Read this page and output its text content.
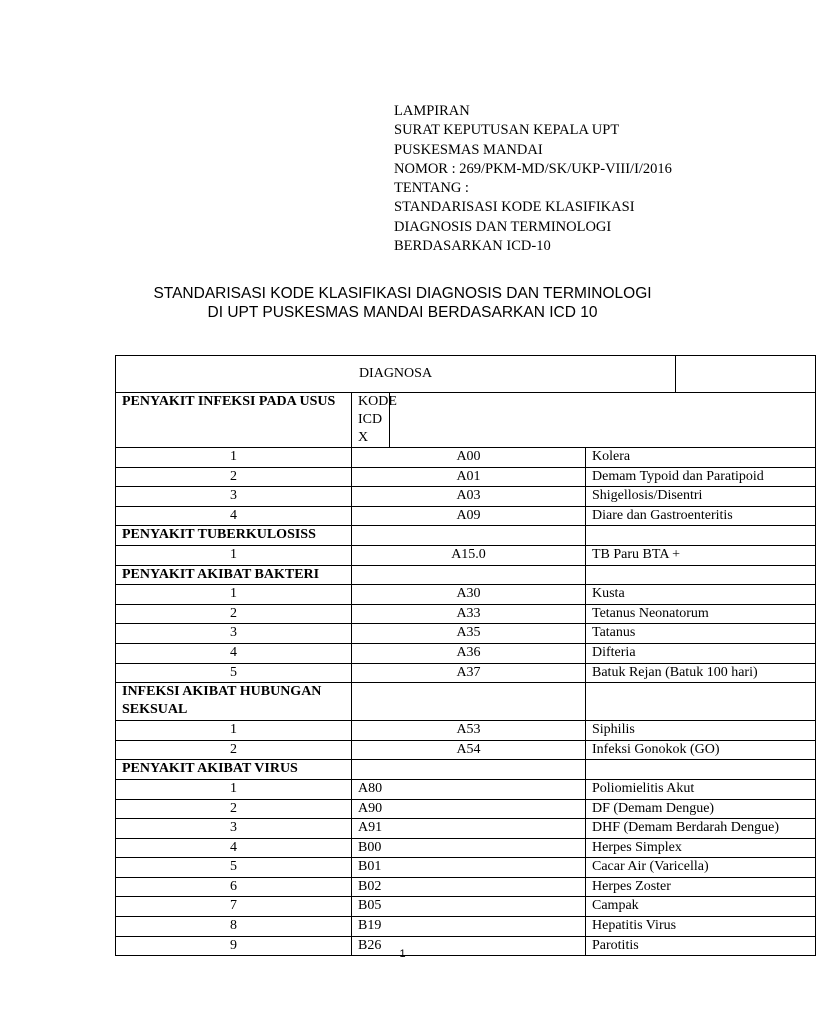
LAMPIRAN
SURAT KEPUTUSAN KEPALA UPT
PUSKESMAS MANDAI
NOMOR : 269/PKM-MD/SK/UKP-VIII/I/2016
TENTANG :
STANDARISASI KODE KLASIFIKASI
DIAGNOSIS DAN TERMINOLOGI
BERDASARKAN ICD-10
STANDARISASI KODE KLASIFIKASI DIAGNOSIS DAN TERMINOLOGI
DI UPT PUSKESMAS MANDAI BERDASARKAN ICD 10
DIAGNOSA				
PENYAKIT INFEKSI PADA USUS	KODE ICD X			
1	A00		Kolera	
2	A01		Demam Typoid dan Paratipoid	
3	A03		Shigellosis/Disentri	
4	A09		Diare dan Gastroenteritis	
PENYAKIT TUBERKULOSISS				
1	A15.0		TB Paru BTA +	
PENYAKIT AKIBAT BAKTERI				
1	A30		Kusta	
2	A33		Tetanus Neonatorum	
3	A35		Tatanus	
4	A36		Difteria	
5	A37		Batuk Rejan (Batuk 100 hari)	
INFEKSI AKIBAT HUBUNGAN SEKSUAL				
1	A53		Siphilis	
2	A54		Infeksi Gonokok (GO)	
PENYAKIT AKIBAT VIRUS				
1	A80		Poliomielitis Akut	
2	A90		DF (Demam Dengue)	
3	A91		DHF (Demam Berdarah Dengue)	
4	B00		Herpes Simplex	
5	B01		Cacar Air (Varicella)	
6	B02		Herpes Zoster	
7	B05		Campak	
8	B19		Hepatitis Virus	
9	B26		Parotitis	
1
